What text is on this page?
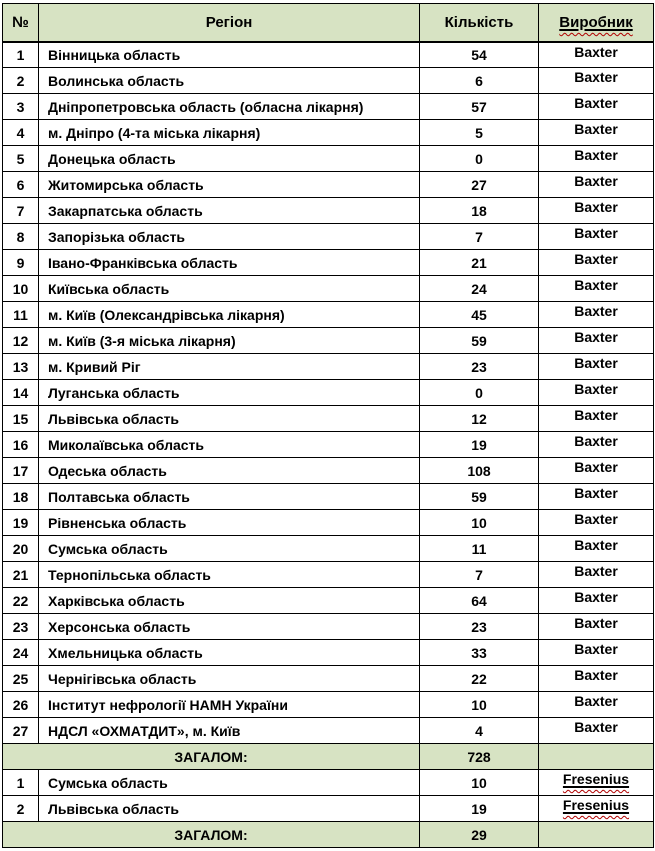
№	Регіон	Кількість	Виробник
1	Вінницька область	54	Baxter
2	Волинська область	6	Baxter
3	Дніпропетровська область (обласна лікарня)	57	Baxter
4	м. Дніпро (4-та міська лікарня)	5	Baxter
5	Донецька область	0	Baxter
6	Житомирська область	27	Baxter
7	Закарпатська область	18	Baxter
8	Запорізька область	7	Baxter
9	Івано-Франківська область	21	Baxter
10	Київська область	24	Baxter
11	м. Київ (Олександрівська лікарня)	45	Baxter
12	м. Київ (3-я міська лікарня)	59	Baxter
13	м. Кривий Ріг	23	Baxter
14	Луганська область	0	Baxter
15	Львівська область	12	Baxter
16	Миколаївська область	19	Baxter
17	Одеська область	108	Baxter
18	Полтавська область	59	Baxter
19	Рівненська область	10	Baxter
20	Сумська область	11	Baxter
21	Тернопільська область	7	Baxter
22	Харківська область	64	Baxter
23	Херсонська область	23	Baxter
24	Хмельницька область	33	Baxter
25	Чернігівська область	22	Baxter
26	Інститут нефрології НАМН України	10	Baxter
27	НДСЛ «ОХМАТДИТ», м. Київ	4	Baxter
ЗАГАЛОМ:		728	
1	Сумська область	10	Fresenius
2	Львівська область	19	Fresenius
ЗАГАЛОМ:		29	
